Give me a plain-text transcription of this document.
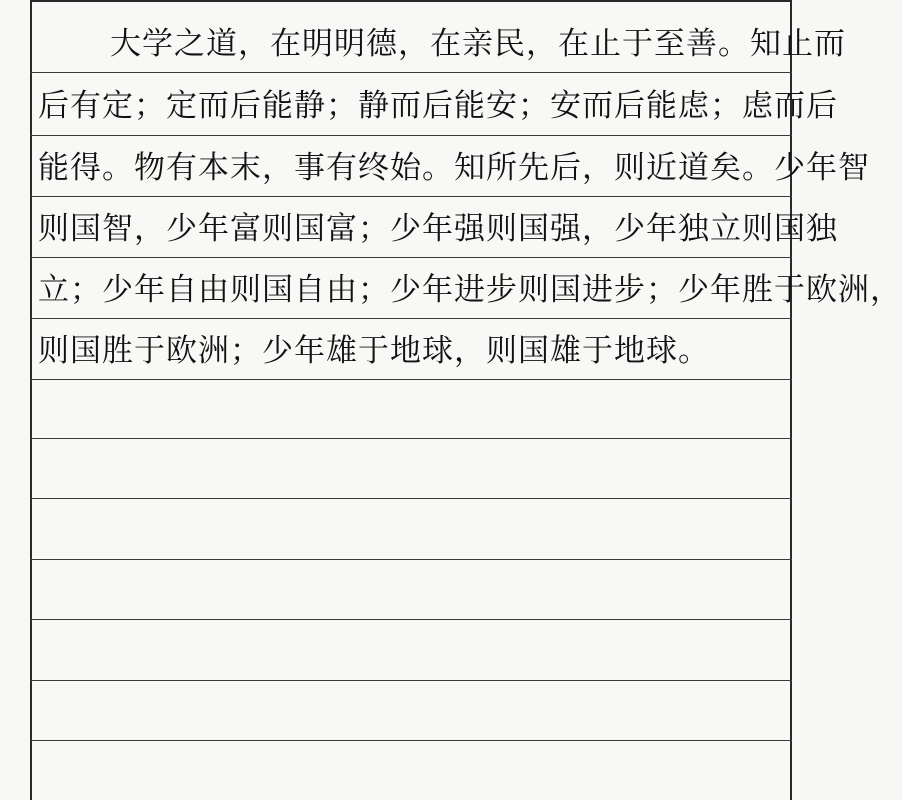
大学之道，在明明德，在亲民，在止于至善。知止而
后有定；定而后能静；静而后能安；安而后能虑；虑而后
能得。物有本末，事有终始。知所先后，则近道矣。少年智
则国智，少年富则国富；少年强则国强，少年独立则国独
立；少年自由则国自由；少年进步则国进步；少年胜于欧洲，
则国胜于欧洲；少年雄于地球，则国雄于地球。
